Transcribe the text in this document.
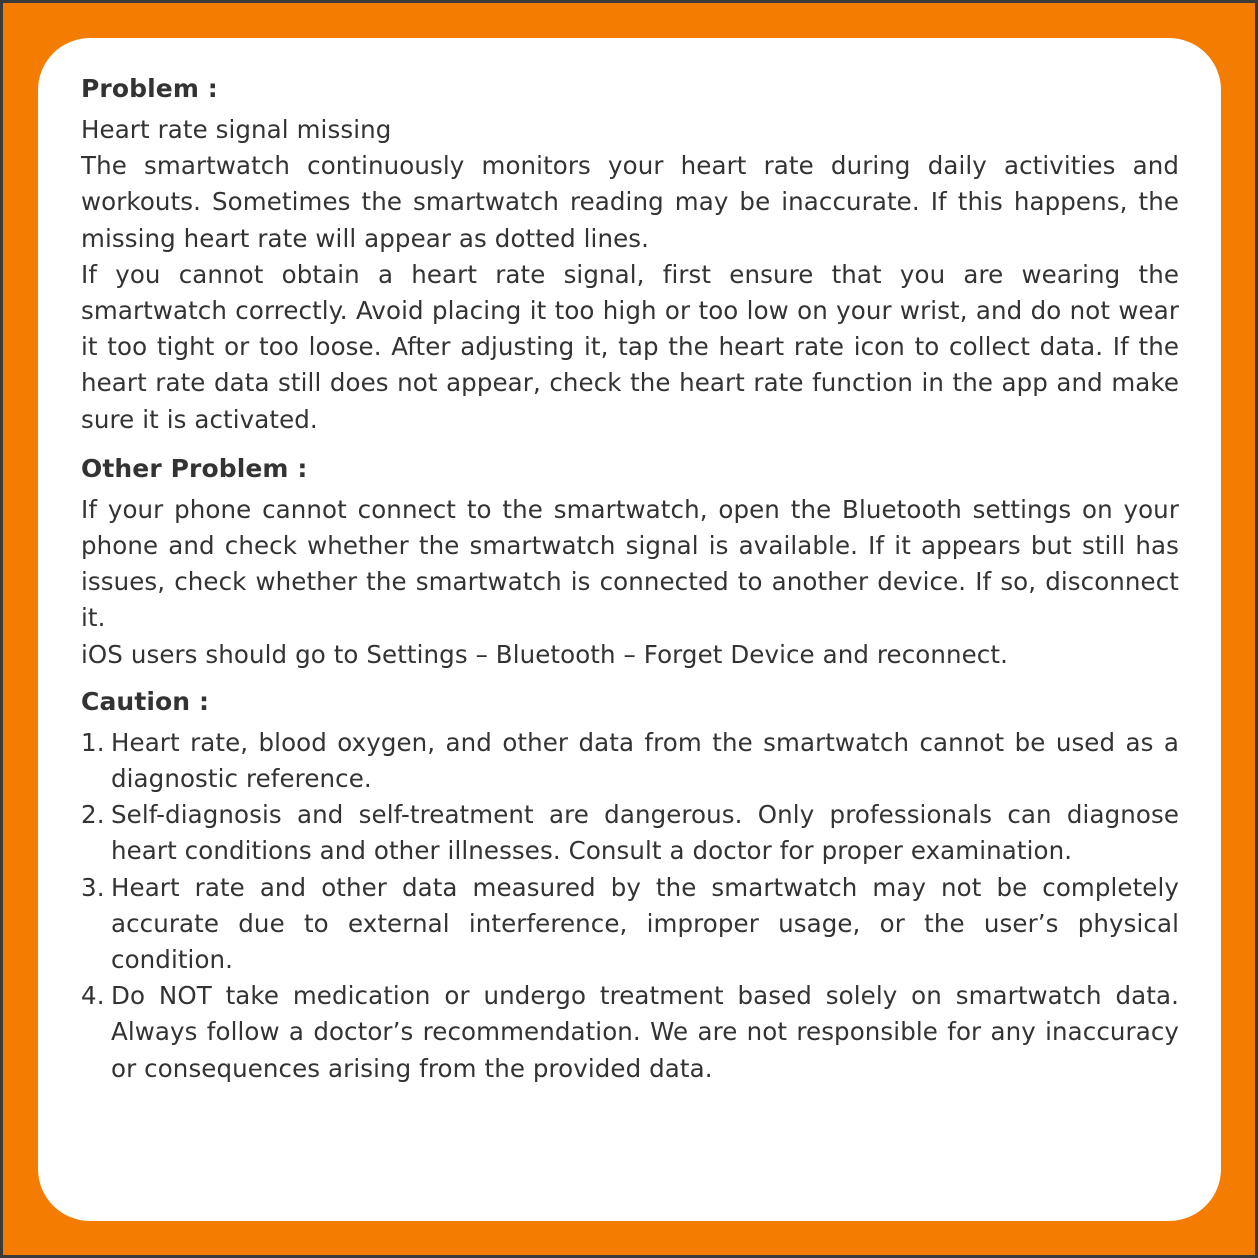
Problem :

Heart rate signal missing

The smartwatch continuously monitors your heart rate during daily activities and workouts. Sometimes the smartwatch reading may be inaccurate. If this happens, the missing heart rate will appear as dotted lines.

If you cannot obtain a heart rate signal, first ensure that you are wearing the smartwatch correctly. Avoid placing it too high or too low on your wrist, and do not wear it too tight or too loose. After adjusting it, tap the heart rate icon to collect data. If the heart rate data still does not appear, check the heart rate function in the app and make sure it is activated.

Other Problem :

If your phone cannot connect to the smartwatch, open the Bluetooth settings on your phone and check whether the smartwatch signal is available. If it appears but still has issues, check whether the smartwatch is connected to another device. If so, disconnect it.

iOS users should go to Settings – Bluetooth – Forget Device and reconnect.

Caution :
1. Heart rate, blood oxygen, and other data from the smartwatch cannot be used as a diagnostic reference.
2. Self-diagnosis and self-treatment are dangerous. Only professionals can diagnose heart conditions and other illnesses. Consult a doctor for proper examination.
3. Heart rate and other data measured by the smartwatch may not be completely accurate due to external interference, improper usage, or the user’s physical condition.
4. Do NOT take medication or undergo treatment based solely on smartwatch data. Always follow a doctor’s recommendation. We are not responsible for any inaccuracy or consequences arising from the provided data.
